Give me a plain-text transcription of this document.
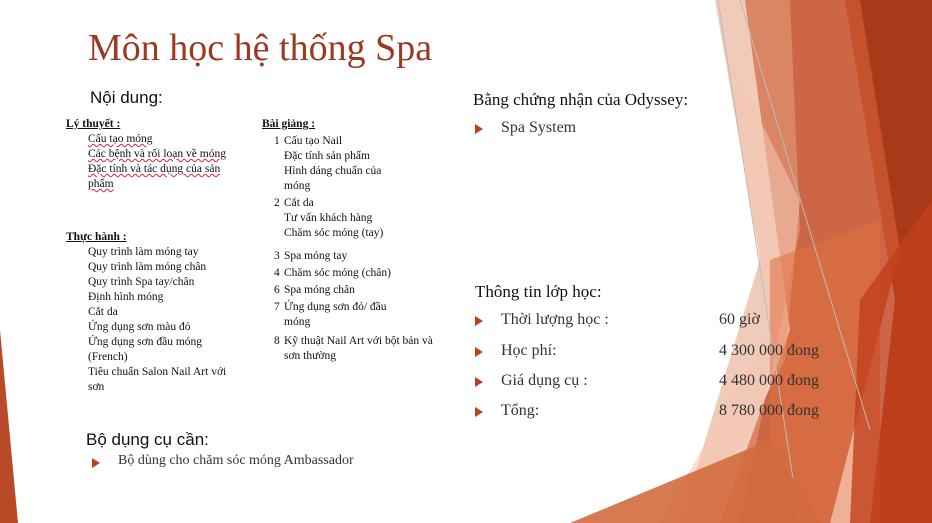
Môn học hệ thống Spa
Nội dung:
Lý thuyết :
Cấu tạo móng
Các bệnh và rối loạn về móng
Đặc tính và tác dụng của sản phẩm
Thực hành :
Quy trình làm móng tay
Quy trình làm móng chân
Quy trình Spa tay/chân
Định hình móng
Cắt da
Ứng dụng sơn màu đỏ
Ứng dụng sơn đầu móng (French)
Tiêu chuẩn Salon Nail Art với sơn
Bài giảng :
1 Cấu tạo Nail
Đặc tính sản phẩm
Hình dáng chuẩn của móng
2 Cắt da
Tư vấn khách hàng
Chăm sóc móng (tay)
3 Spa móng tay
4 Chăm sóc móng (chân)
6 Spa móng chân
7 Ứng dụng sơn đỏ/ đầu móng
8 Kỹ thuật Nail Art với bột bản và sơn thường
Bộ dụng cụ cần:
Bộ dùng cho chăm sóc móng Ambassador
Bằng chứng nhận của Odyssey:
Spa System
Thông tin lớp học:
Thời lượng học :	60 giờ
Học phí:	4 300 000 đong
Giá dụng cụ :	4 480 000 đong
Tổng:	8 780 000 đong
